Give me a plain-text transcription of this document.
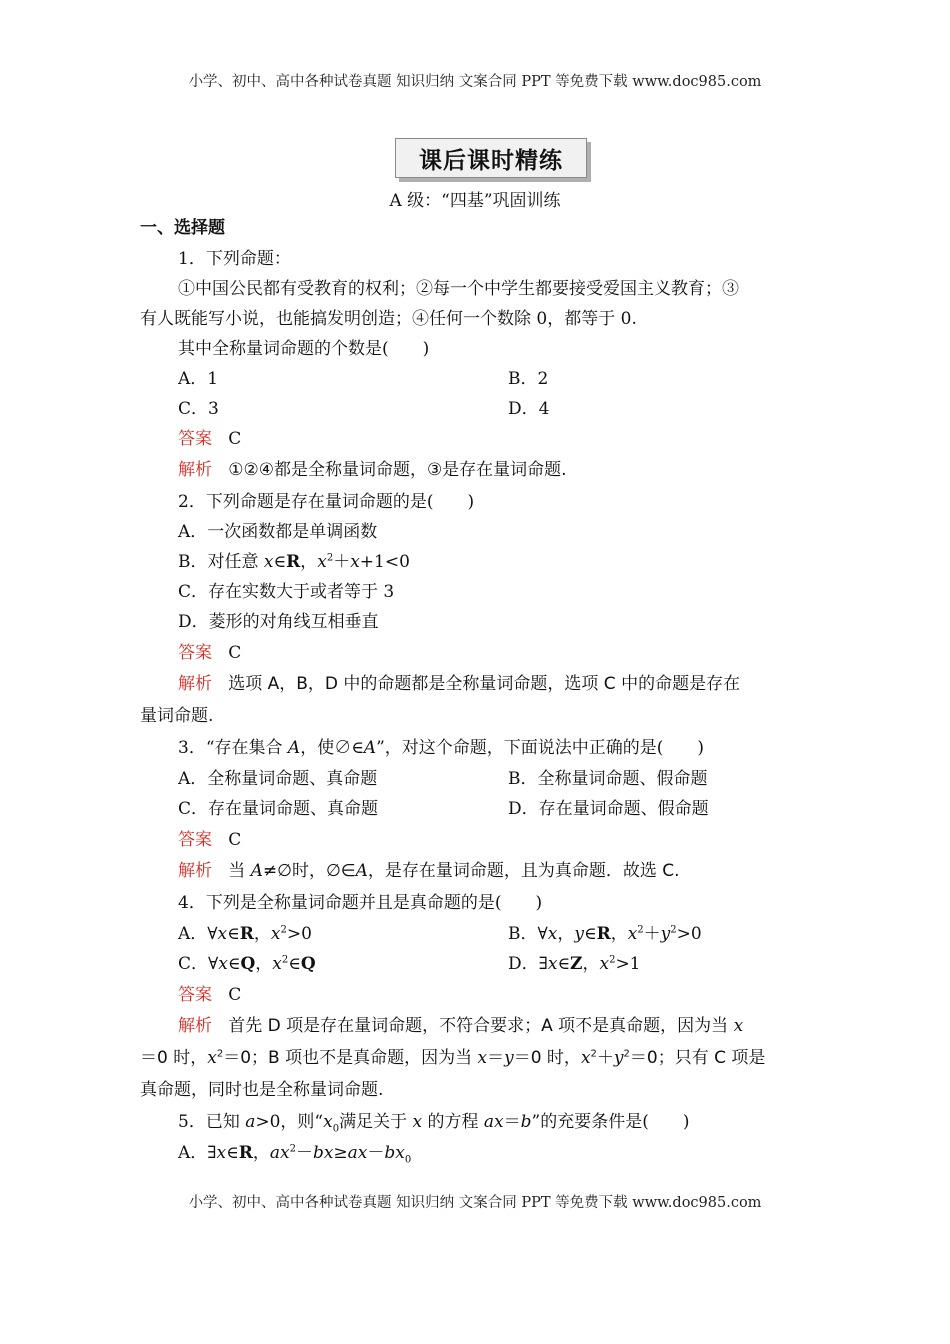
小学、初中、高中各种试卷真题 知识归纳 文案合同 PPT 等免费下载 www.doc985.com
课后课时精练
A 级：“四基”巩固训练
一、选择题
1．下列命题：
①中国公民都有受教育的权利；②每一个中学生都要接受爱国主义教育；③
有人既能写小说，也能搞发明创造；④任何一个数除 0，都等于 0.
其中全称量词命题的个数是(　　)
A．1	B．2
C．3	D．4
答案 C
解析 ①②④都是全称量词命题，③是存在量词命题.
2．下列命题是存在量词命题的是(　　)
A．一次函数都是单调函数
B．对任意 x∈R，$x^2+x+1<0$
C．存在实数大于或者等于 3
D．菱形的对角线互相垂直
答案 C
解析 选项 A，B，D 中的命题都是全称量词命题，选项 C 中的命题是存在
量词命题.
3．“存在集合 A，使∅∈A”，对这个命题，下面说法中正确的是(　　)
A．全称量词命题、真命题	B．全称量词命题、假命题
C．存在量词命题、真命题	D．存在量词命题、假命题
答案 C
解析 当 A≠∅时，∅∈A，是存在量词命题，且为真命题．故选 C.
4．下列是全称量词命题并且是真命题的是(　　)
A．∀x∈R，$x^2>0$	B．∀x，y∈R，$x^2+y^2>0$
C．∀x∈Q，$x^2\in Q$	D．∃x∈Z，$x^2>1$
答案 C
解析 首先 D 项是存在量词命题，不符合要求；A 项不是真命题，因为当 x
＝0 时，$x^2=0$；B 项也不是真命题，因为当 x＝y＝0 时，$x^2+y^2=0$；只有 C 项是
真命题，同时也是全称量词命题.
5．已知 a>0，则“$x_0$满足关于 x 的方程 ax＝b”的充要条件是(　　)
A．∃x∈R，$ax^2-bx\ge ax-bx_0$
小学、初中、高中各种试卷真题 知识归纳 文案合同 PPT 等免费下载 www.doc985.com
